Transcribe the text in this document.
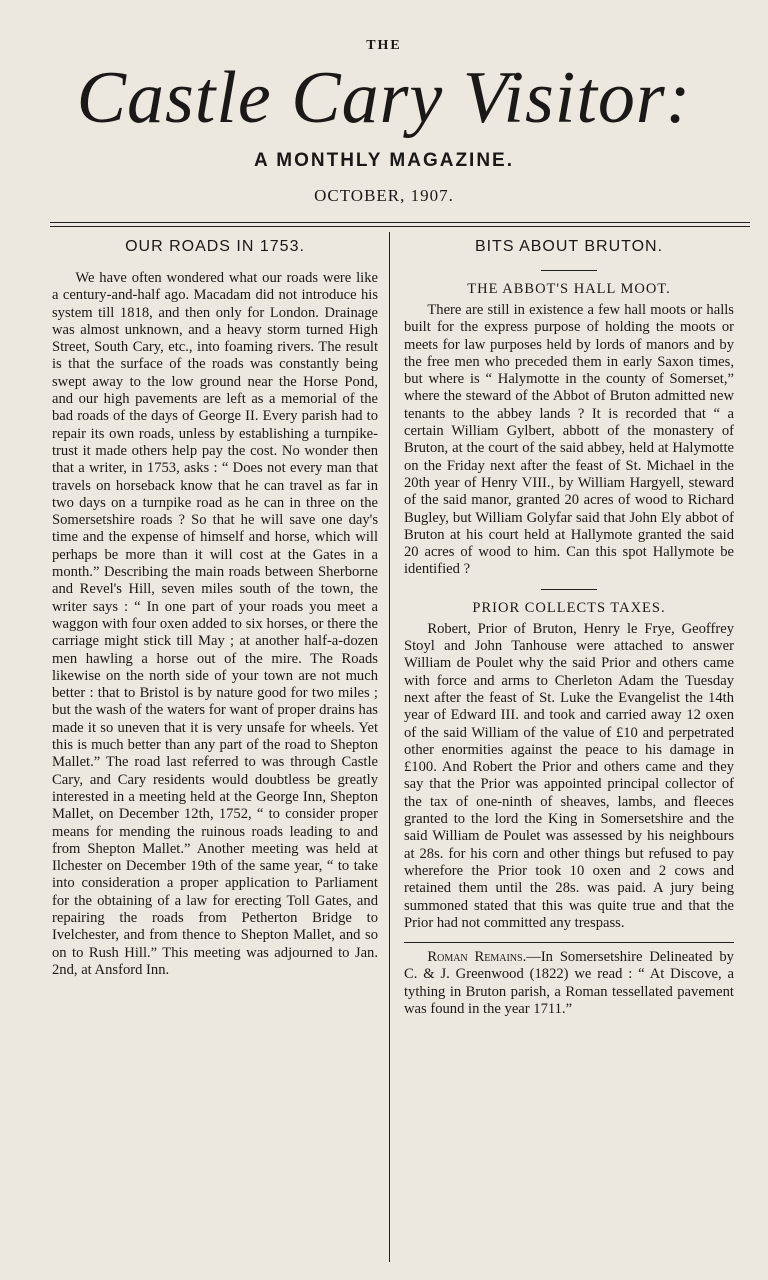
THE
Castle Cary Visitor:
A MONTHLY MAGAZINE.
OCTOBER, 1907.
OUR ROADS IN 1753.

We have often wondered what our roads were like a century-and-half ago. Macadam did not introduce his system till 1818, and then only for London. Drainage was almost unknown, and a heavy storm turned High Street, South Cary, etc., into foaming rivers. The result is that the surface of the roads was constantly being swept away to the low ground near the Horse Pond, and our high pavements are left as a memorial of the bad roads of the days of George II. Every parish had to repair its own roads, unless by establishing a turnpike-trust it made others help pay the cost. No wonder then that a writer, in 1753, asks : “ Does not every man that travels on horseback know that he can travel as far in two days on a turnpike road as he can in three on the Somersetshire roads ? So that he will save one day's time and the expense of himself and horse, which will perhaps be more than it will cost at the Gates in a month.” Describing the main roads between Sherborne and Revel's Hill, seven miles south of the town, the writer says : “ In one part of your roads you meet a waggon with four oxen added to six horses, or there the carriage might stick till May ; at another half-a-dozen men hawling a horse out of the mire. The Roads likewise on the north side of your town are not much better : that to Bristol is by nature good for two miles ; but the wash of the waters for want of proper drains has made it so uneven that it is very unsafe for wheels. Yet this is much better than any part of the road to Shepton Mallet.” The road last referred to was through Castle Cary, and Cary residents would doubtless be greatly interested in a meeting held at the George Inn, Shepton Mallet, on December 12th, 1752, “ to consider proper means for mending the ruinous roads leading to and from Shepton Mallet.” Another meeting was held at Ilchester on December 19th of the same year, “ to take into consideration a proper application to Parliament for the obtaining of a law for erecting Toll Gates, and repairing the roads from Petherton Bridge to Ivelchester, and from thence to Shepton Mallet, and so on to Rush Hill.” This meeting was adjourned to Jan. 2nd, at Ansford Inn.

BITS ABOUT BRUTON.
THE ABBOT'S HALL MOOT.

There are still in existence a few hall moots or halls built for the express purpose of holding the moots or meets for law purposes held by lords of manors and by the free men who preceded them in early Saxon times, but where is “ Halymotte in the county of Somerset,” where the steward of the Abbot of Bruton admitted new tenants to the abbey lands ? It is recorded that “ a certain William Gylbert, abbott of the monastery of Bruton, at the court of the said abbey, held at Halymotte on the Friday next after the feast of St. Michael in the 20th year of Henry VIII., by William Hargyell, steward of the said manor, granted 20 acres of wood to Richard Bugley, but William Golyfar said that John Ely abbot of Bruton at his court held at Hallymote granted the said 20 acres of wood to him. Can this spot Hallymote be identified ?

PRIOR COLLECTS TAXES.

Robert, Prior of Bruton, Henry le Frye, Geoffrey Stoyl and John Tanhouse were attached to answer William de Poulet why the said Prior and others came with force and arms to Cherleton Adam the Tuesday next after the feast of St. Luke the Evangelist the 14th year of Edward III. and took and carried away 12 oxen of the said William of the value of £10 and perpetrated other enormities against the peace to his damage in £100. And Robert the Prior and others came and they say that the Prior was appointed principal collector of the tax of one-ninth of sheaves, lambs, and fleeces granted to the lord the King in Somersetshire and the said William de Poulet was assessed by his neighbours at 28s. for his corn and other things but refused to pay wherefore the Prior took 10 oxen and 2 cows and retained them until the 28s. was paid. A jury being summoned stated that this was quite true and that the Prior had not committed any trespass.

Roman Remains.—In Somersetshire Delineated by C. & J. Greenwood (1822) we read : “ At Discove, a tything in Bruton parish, a Roman tessellated pavement was found in the year 1711.”
